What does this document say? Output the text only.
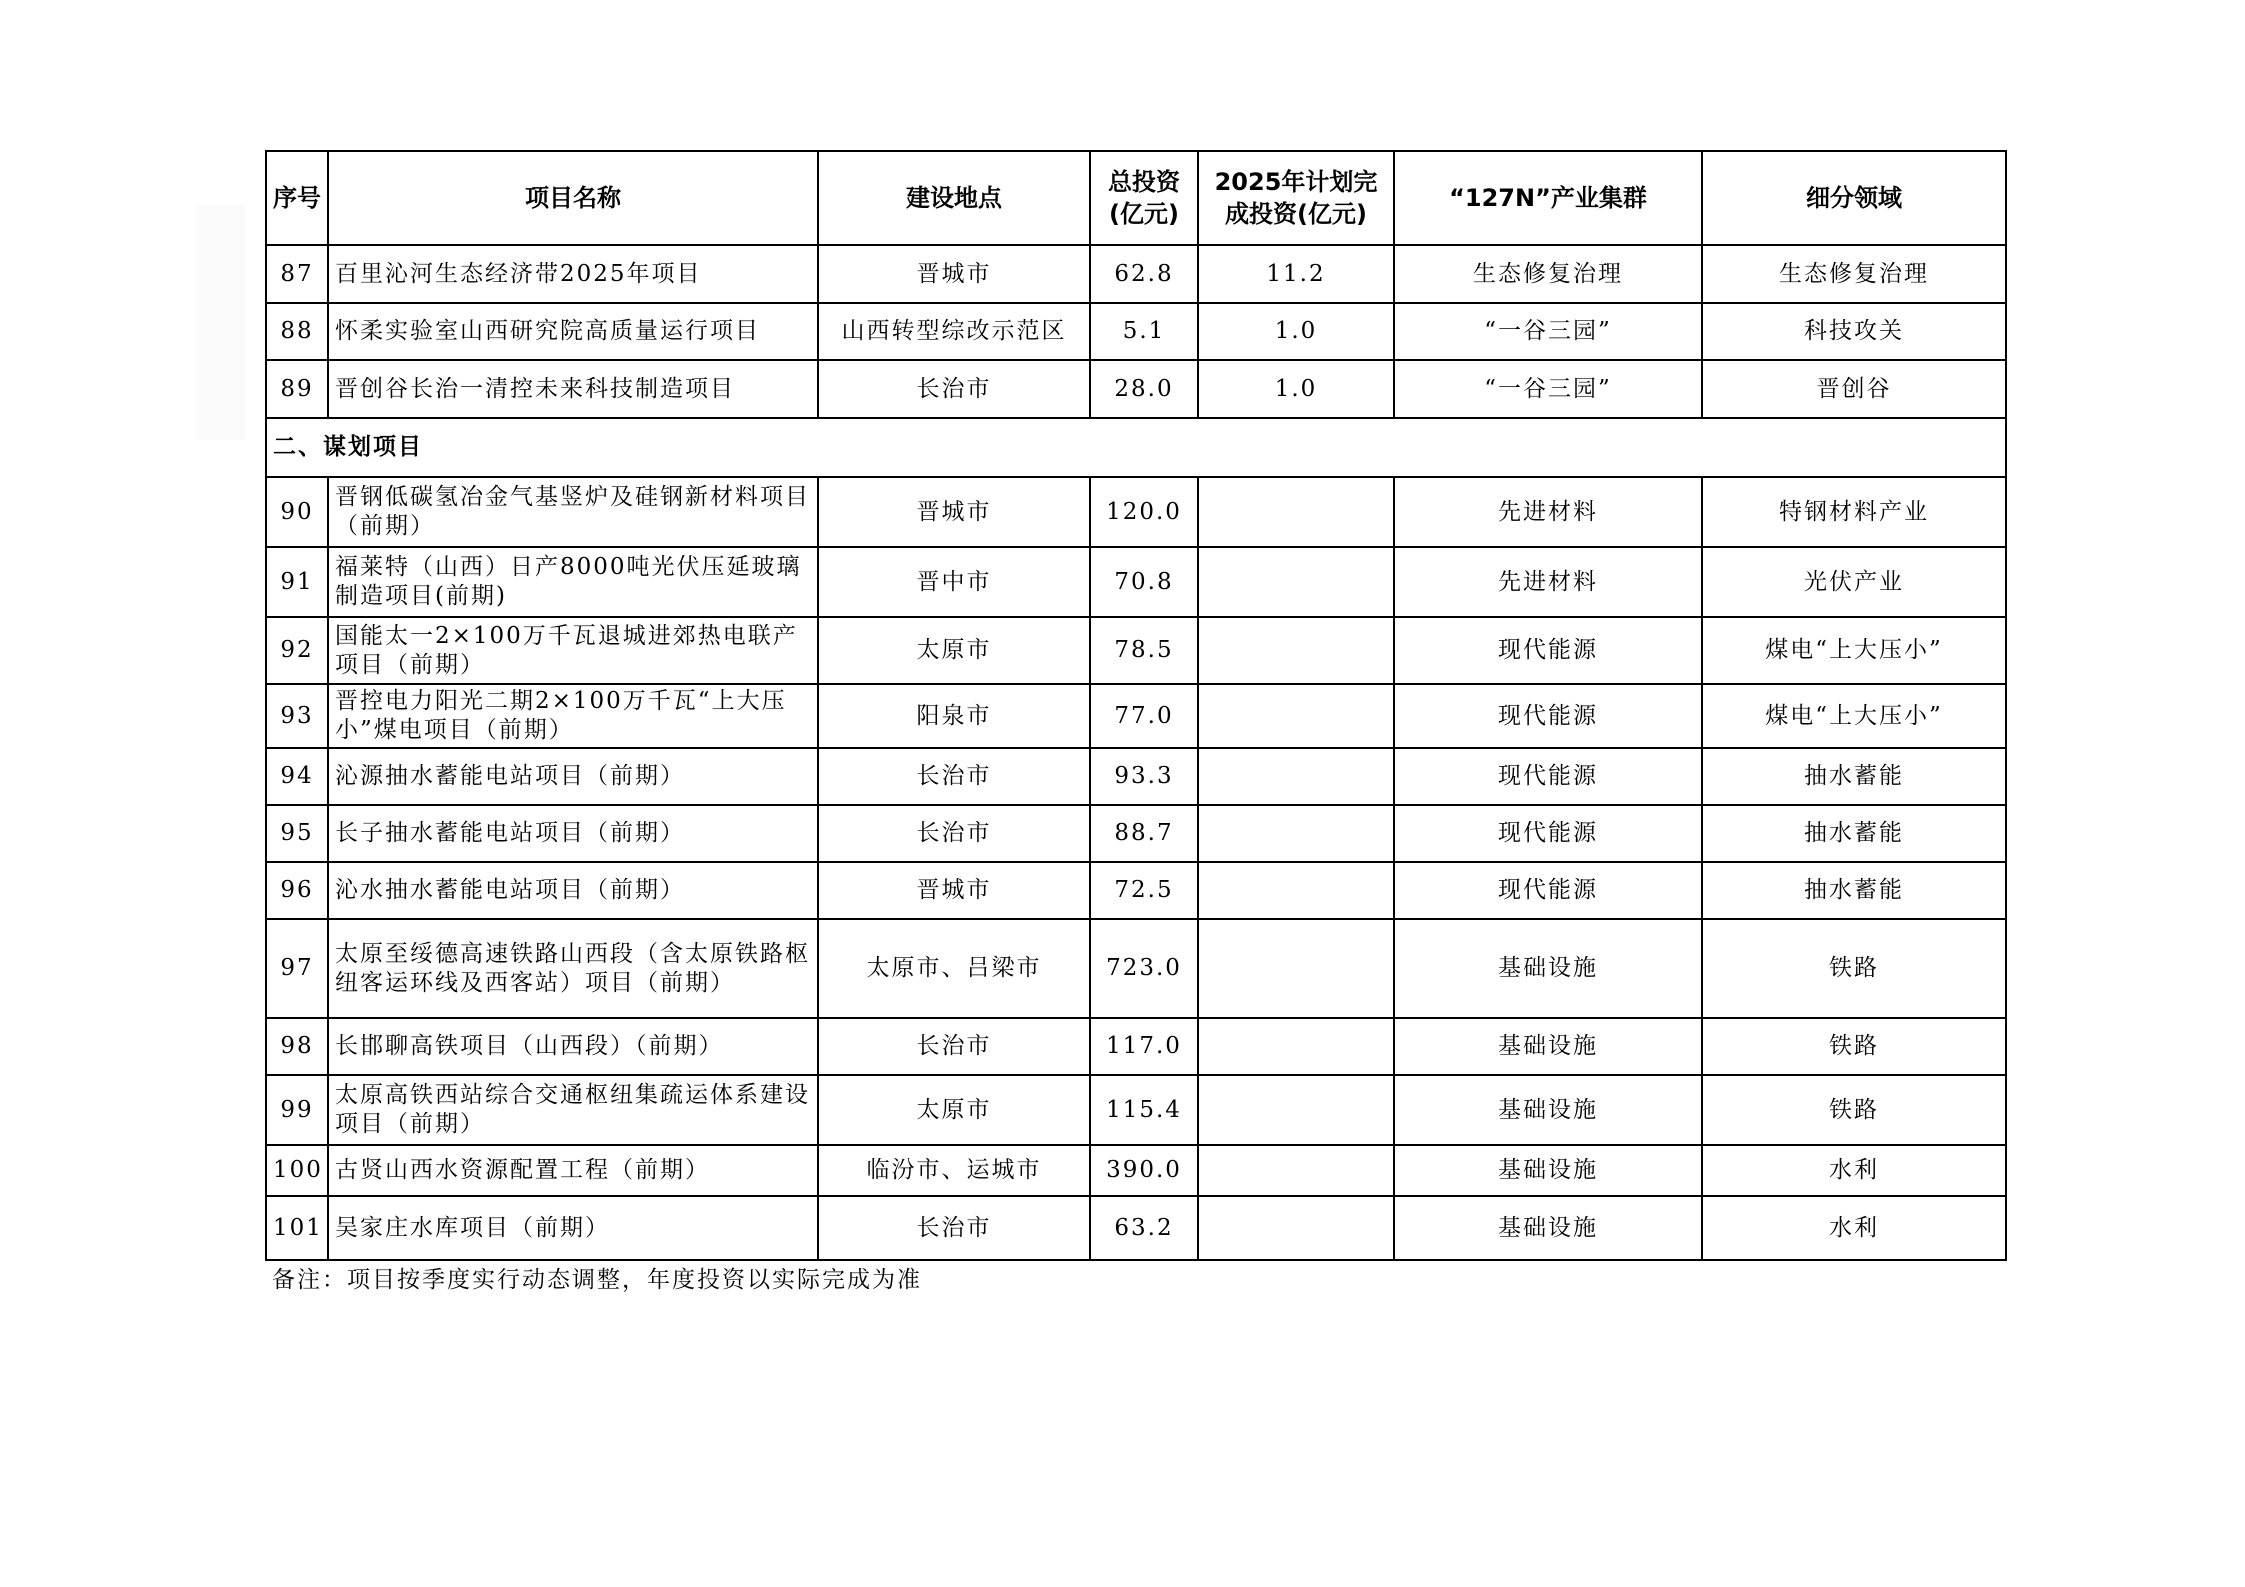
序号	项目名称	建设地点	总投资(亿元)	2025年计划完成投资(亿元)	“127N”产业集群	细分领域
87	百里沁河生态经济带2025年项目	晋城市	62.8	11.2	生态修复治理	生态修复治理
88	怀柔实验室山西研究院高质量运行项目	山西转型综改示范区	5.1	1.0	“一谷三园”	科技攻关
89	晋创谷长治一清控未来科技制造项目	长治市	28.0	1.0	“一谷三园”	晋创谷
二、谋划项目						
90	晋钢低碳氢冶金气基竖炉及硅钢新材料项目（前期）	晋城市	120.0		先进材料	特钢材料产业
91	福莱特（山西）日产8000吨光伏压延玻璃制造项目(前期)	晋中市	70.8		先进材料	光伏产业
92	国能太一2×100万千瓦退城进郊热电联产项目（前期）	太原市	78.5		现代能源	煤电“上大压小”
93	晋控电力阳光二期2×100万千瓦“上大压小”煤电项目（前期）	阳泉市	77.0		现代能源	煤电“上大压小”
94	沁源抽水蓄能电站项目（前期）	长治市	93.3		现代能源	抽水蓄能
95	长子抽水蓄能电站项目（前期）	长治市	88.7		现代能源	抽水蓄能
96	沁水抽水蓄能电站项目（前期）	晋城市	72.5		现代能源	抽水蓄能
97	太原至绥德高速铁路山西段（含太原铁路枢纽客运环线及西客站）项目（前期）	太原市、吕梁市	723.0		基础设施	铁路
98	长邯聊高铁项目（山西段）（前期）	长治市	117.0		基础设施	铁路
99	太原高铁西站综合交通枢纽集疏运体系建设项目（前期）	太原市	115.4		基础设施	铁路
100	古贤山西水资源配置工程（前期）	临汾市、运城市	390.0		基础设施	水利
101	吴家庄水库项目（前期）	长治市	63.2		基础设施	水利
备注：项目按季度实行动态调整，年度投资以实际完成为准
